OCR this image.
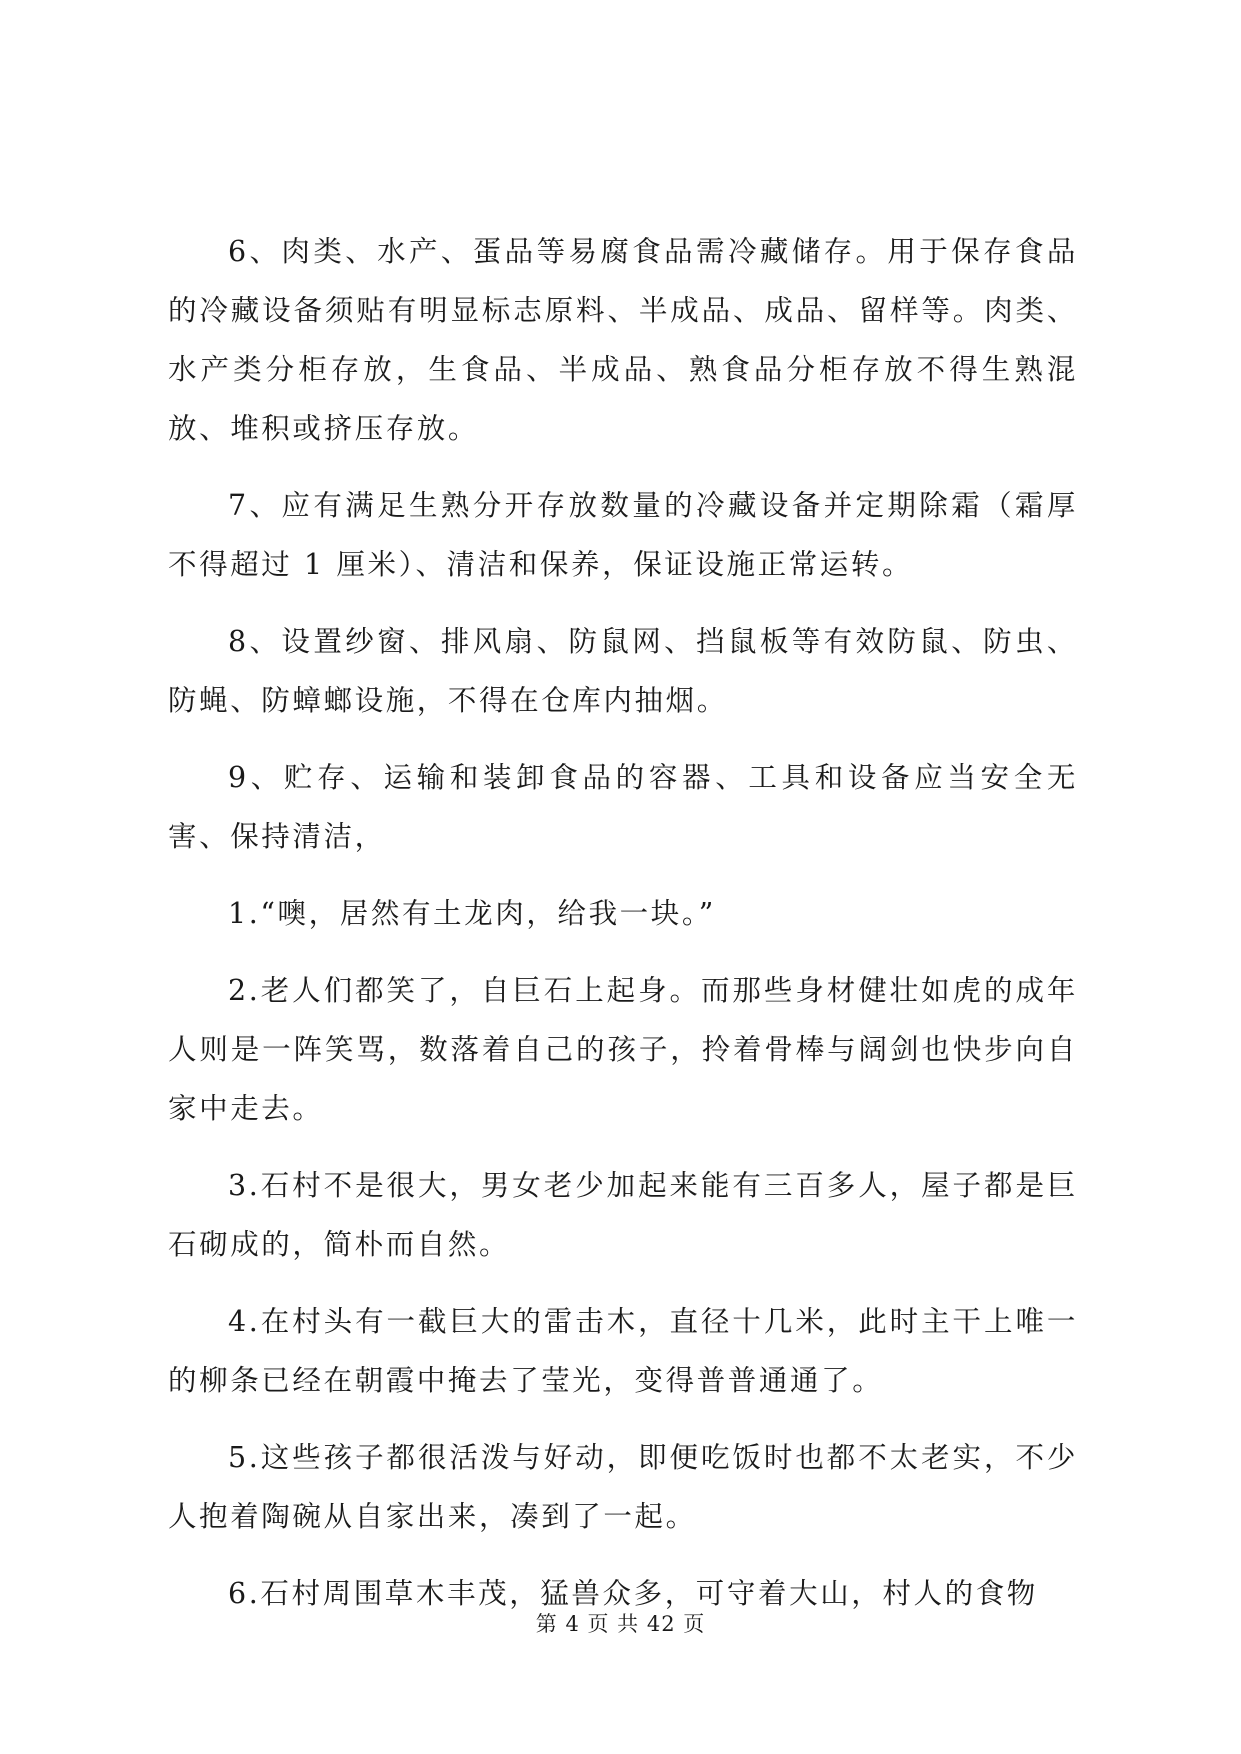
6、肉类、水产、蛋品等易腐食品需冷藏储存。用于保存食品的冷藏设备须贴有明显标志原料、半成品、成品、留样等。肉类、水产类分柜存放，生食品、半成品、熟食品分柜存放不得生熟混放、堆积或挤压存放。

7、应有满足生熟分开存放数量的冷藏设备并定期除霜（霜厚不得超过 1 厘米）、清洁和保养，保证设施正常运转。

8、设置纱窗、排风扇、防鼠网、挡鼠板等有效防鼠、防虫、防蝇、防蟑螂设施，不得在仓库内抽烟。

9、贮存、运输和装卸食品的容器、工具和设备应当安全无害、保持清洁，

1.“噢，居然有土龙肉，给我一块。”

2.老人们都笑了，自巨石上起身。而那些身材健壮如虎的成年人则是一阵笑骂，数落着自己的孩子，拎着骨棒与阔剑也快步向自家中走去。

3.石村不是很大，男女老少加起来能有三百多人，屋子都是巨石砌成的，简朴而自然。

4.在村头有一截巨大的雷击木，直径十几米，此时主干上唯一的柳条已经在朝霞中掩去了莹光，变得普普通通了。

5.这些孩子都很活泼与好动，即便吃饭时也都不太老实，不少人抱着陶碗从自家出来，凑到了一起。

6.石村周围草木丰茂，猛兽众多，可守着大山，村人的食物

第 4 页 共 42 页
